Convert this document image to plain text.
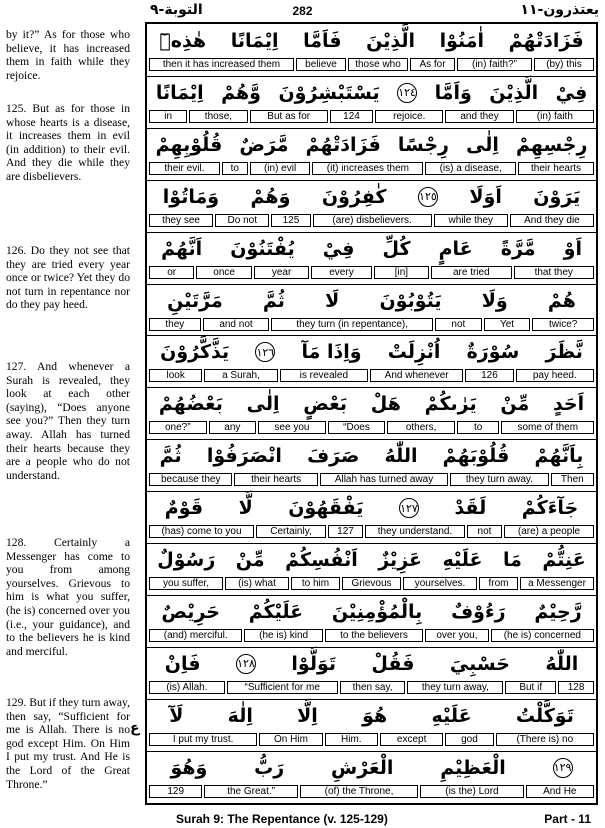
التوبة-٩	282	يعتذرون-١١

by it?” As for those who believe, it has increased them in faith while they rejoice.

125. But as for those in whose hearts is a disease, it increases them in evil (in addition) to their evil. And they die while they are disbelievers.

126. Do they not see that they are tried every year once or twice? Yet they do not turn in repentance nor do they pay heed.

127. And whenever a Surah is revealed, they look at each other (saying), “Does anyone see you?” Then they turn away. Allah has turned their hearts because they are a people who do not understand.

128. Certainly a Messenger has come to you from among yourselves. Grievous to him is what you suffer, (he is) concerned over you (i.e., your guidance), and to the believers he is kind and merciful.

129. But if they turn away, then say, “Sufficient for me is Allah. There is no god except Him. On Him I put my trust. And He is the Lord of the Great Throne.”

ع
هٰذِهٖٓ اِيْمَانًا فَاَمَّا الَّذِيْنَ اٰمَنُوْا فَزَادَتْهُمْ
then it has increased them	believe	those who	As for	(in) faith?”	(by) this
اِيْمَانًا وَّهُمْ يَسْتَبْشِرُوْنَ ١٢٤ وَاَمَّا الَّذِيْنَ فِيْ
in	those,	But as for	124	rejoice.	and they	(in) faith
قُلُوْبِهِمْ مَّرَضٌ فَزَادَتْهُمْ رِجْسًا اِلٰى رِجْسِهِمْ
their evil.	to	(in) evil	(it) increases them	(is) a disease,	their hearts
وَمَاتُوْا وَهُمْ كٰفِرُوْنَ	١٢٥ اَوَلَا يَرَوْنَ
they see	Do not	125	(are) disbelievers.	while they	And they die
اَنَّهُمْ يُفْتَنُوْنَ فِيْ كُلِّ عَامٍ مَّرَّةً اَوْ
or	once	year	every	[in]	are tried	that they
مَرَّتَيْنِ ثُمَّ لَا يَتُوْبُوْنَ وَلَا هُمْ
they	and not	they turn (in repentance),	not	Yet	twice?
يَذَّكَّرُوْنَ ١٢٦ وَاِذَا مَآ اُنْزِلَتْ سُوْرَةٌ نَّظَرَ
look	a Surah,	is revealed	And whenever	126	pay heed.
بَعْضُهُمْ اِلٰى بَعْضٍ هَلْ يَرٰىكُمْ مِّنْ اَحَدٍ
one?”	any	see you	“Does	others,	to	some of them
ثُمَّ انْصَرَفُوْا صَرَفَ اللّٰهُ قُلُوْبَهُمْ بِاَنَّهُمْ
because they	their hearts	Allah has turned away	they turn away.	Then
قَوْمٌ لَّا يَفْقَهُوْنَ	١٢٧ لَقَدْ جَآءَكُمْ
(has) come to you	Certainly,	127	they understand.	not	(are) a people
رَسُوْلٌ مِّنْ اَنْفُسِكُمْ عَزِيْزٌ عَلَيْهِ مَا عَنِتُّمْ
you suffer,	(is) what	to him	Grievous	yourselves.	from	a Messenger
حَرِيْصٌ عَلَيْكُمْ بِالْمُؤْمِنِيْنَ رَءُوْفٌ رَّحِيْمٌ
(and) merciful.	(he is) kind	to the believers	over you,	(he is) concerned
فَاِنْ	١٢٨ تَوَلَّوْا فَقُلْ حَسْبِيَ اللّٰهُ
(is) Allah.	“Sufficient for me	then say,	they turn away,	But if	128
لَآ اِلٰهَ اِلَّا هُوَ عَلَيْهِ تَوَكَّلْتُ
I put my trust.	On Him	Him.	except	god	(There is) no
وَهُوَ رَبُّ الْعَرْشِ الْعَظِيْمِ	١٢٩
129	the Great.”	(of) the Throne,	(is the) Lord	And He
Surah 9: The Repentance (v. 125-129)	Part - 11
